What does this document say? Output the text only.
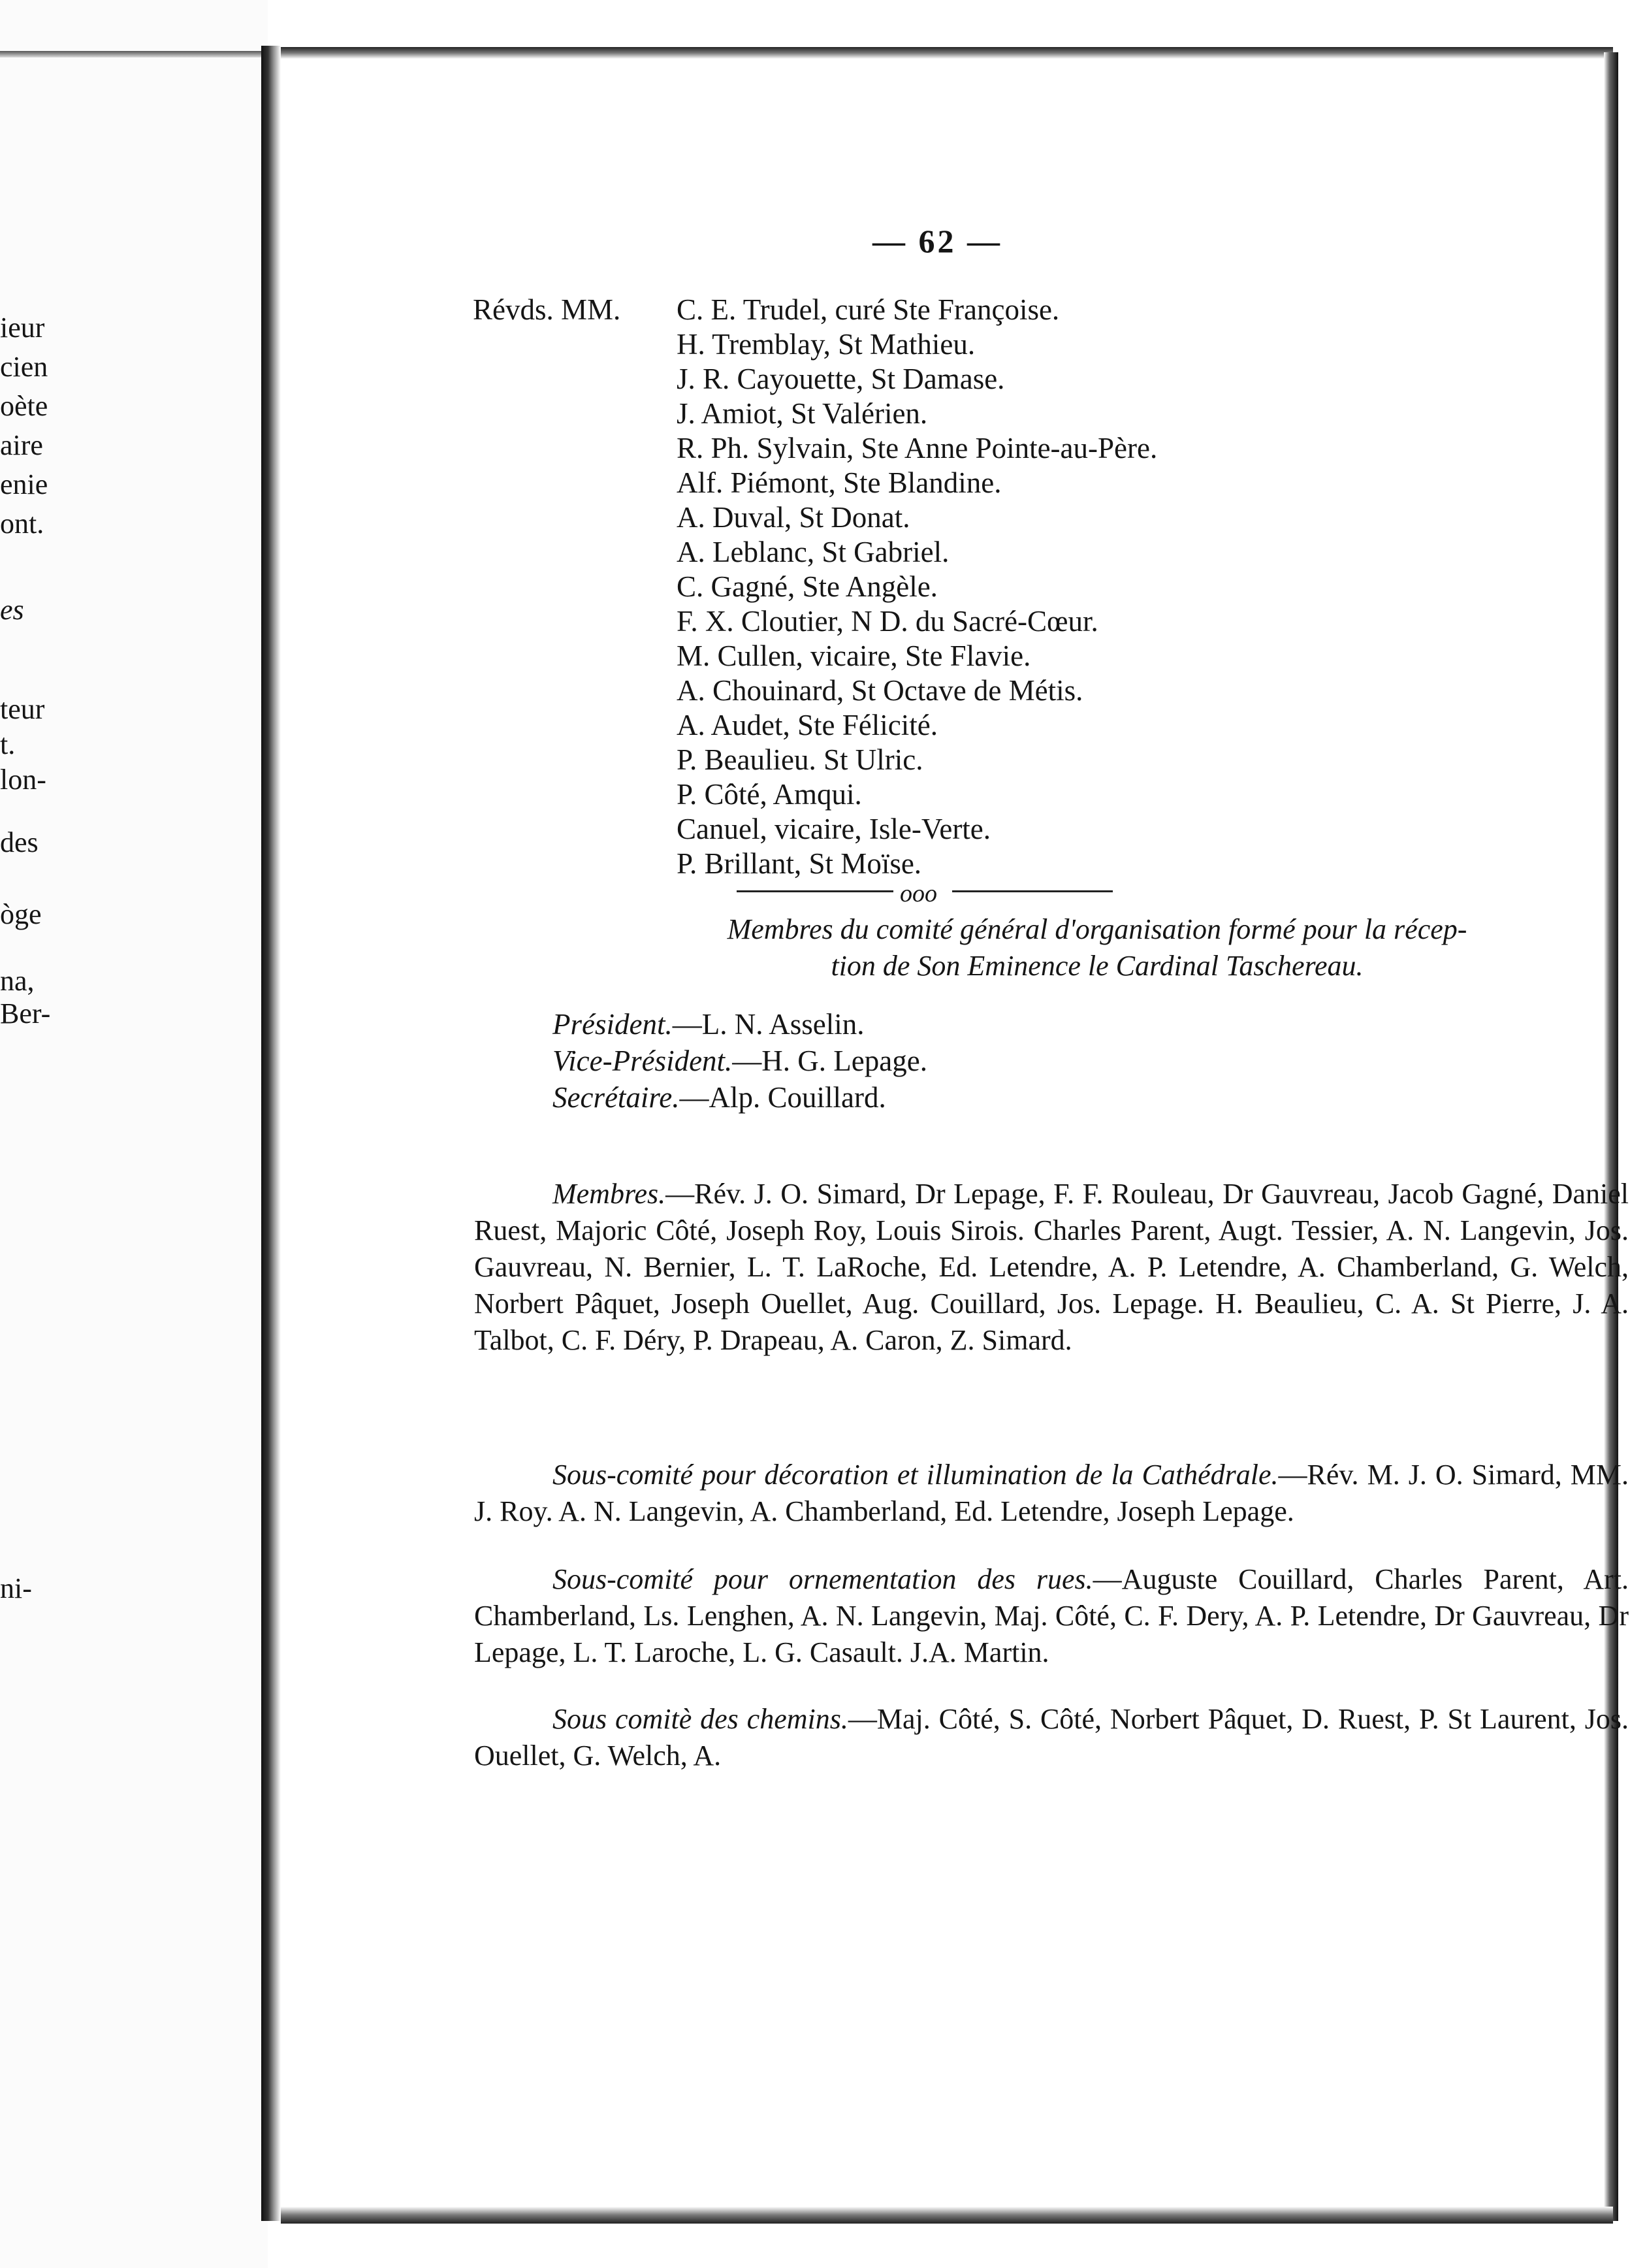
ieur
cien
oète
aire
enie
ont.
es
teur
t.
lon-
des
òge
na,
Ber-
ni-
— 62 —
Révds. MM. C. E. Trudel, curé Ste Françoise.
H. Tremblay, St Mathieu.
J. R. Cayouette, St Damase.
J. Amiot, St Valérien.
R. Ph. Sylvain, Ste Anne Pointe-au-Père.
Alf. Piémont, Ste Blandine.
A. Duval, St Donat.
A. Leblanc, St Gabriel.
C. Gagné, Ste Angèle.
F. X. Cloutier, N D. du Sacré-Cœur.
M. Cullen, vicaire, Ste Flavie.
A. Chouinard, St Octave de Métis.
A. Audet, Ste Félicité.
P. Beaulieu. St Ulric.
P. Côté, Amqui.
Canuel, vicaire, Isle-Verte.
P. Brillant, St Moïse.
ooo
Membres du comité général d'organisation formé pour la récep-
tion de Son Eminence le Cardinal Taschereau.
Président.—L. N. Asselin.
Vice-Président.—H. G. Lepage.
Secrétaire.—Alp. Couillard.

Membres.—Rév. J. O. Simard, Dr Lepage, F. F. Rouleau, Dr Gauvreau, Jacob Gagné, Daniel Ruest, Majoric Côté, Joseph Roy, Louis Sirois. Charles Parent, Augt. Tessier, A. N. Langevin, Jos. Gauvreau, N. Bernier, L. T. LaRoche, Ed. Letendre, A. P. Letendre, A. Chamberland, G. Welch, Norbert Pâquet, Joseph Ouellet, Aug. Couillard, Jos. Lepage. H. Beaulieu, C. A. St Pierre, J. A. Talbot, C. F. Déry, P. Drapeau, A. Caron, Z. Simard.

Sous-comité pour décoration et illumination de la Cathédrale.—Rév. M. J. O. Simard, MM. J. Roy. A. N. Langevin, A. Chamberland, Ed. Letendre, Joseph Lepage.

Sous-comité pour ornementation des rues.—Auguste Couillard, Charles Parent, Art. Chamberland, Ls. Lenghen, A. N. Langevin, Maj. Côté, C. F. Dery, A. P. Letendre, Dr Gauvreau, Dr Lepage, L. T. Laroche, L. G. Casault. J.A. Martin.

Sous comitè des chemins.—Maj. Côté, S. Côté, Norbert Pâquet, D. Ruest, P. St Laurent, Jos. Ouellet, G. Welch, A.
